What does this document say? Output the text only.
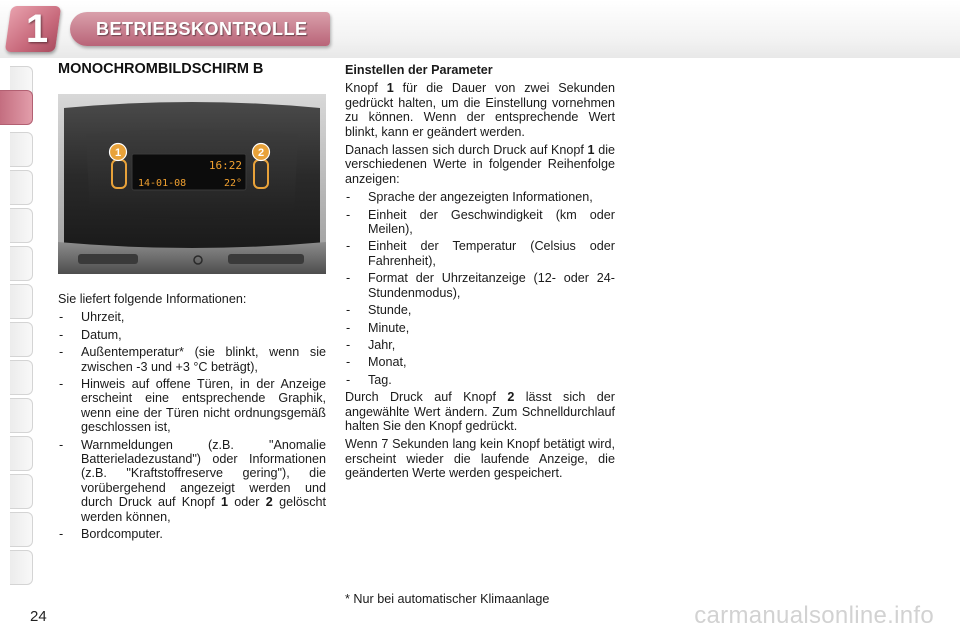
1	BETRIEBSKONTROLLE
MONOCHROMBILDSCHIRM B
16:22
14-01-08	22°
1	2

Sie liefert folgende Informationen:

- Uhrzeit,
- Datum,
- Außentemperatur* (sie blinkt, wenn sie zwischen -3 und +3 °C beträgt),
- Hinweis auf offene Türen, in der Anzeige erscheint eine entsprechende Graphik, wenn eine der Türen nicht ordnungsgemäß geschlossen ist,
- Warnmeldungen (z.B. "Anomalie Batterieladezustand") oder Informationen (z.B. "Kraftstoffreserve gering"), die vorübergehend angezeigt werden und durch Druck auf Knopf 1 oder 2 gelöscht werden können,
- Bordcomputer.

Einstellen der Parameter

Knopf 1 für die Dauer von zwei Sekunden gedrückt halten, um die Einstellung vornehmen zu können. Wenn der entsprechende Wert blinkt, kann er geändert werden.

Danach lassen sich durch Druck auf Knopf 1 die verschiedenen Werte in folgender Reihenfolge anzeigen:

- Sprache der angezeigten Informationen,
- Einheit der Geschwindigkeit (km oder Meilen),
- Einheit der Temperatur (Celsius oder Fahrenheit),
- Format der Uhrzeitanzeige (12- oder 24-Stundenmodus),
- Stunde,
- Minute,
- Jahr,
- Monat,
- Tag.

Durch Druck auf Knopf 2 lässt sich der angewählte Wert ändern. Zum Schnelldurchlauf halten Sie den Knopf gedrückt.

Wenn 7 Sekunden lang kein Knopf betätigt wird, erscheint wieder die laufende Anzeige, die geänderten Werte werden gespeichert.

24
* Nur bei automatischer Klimaanlage
carmanualsonline.info
